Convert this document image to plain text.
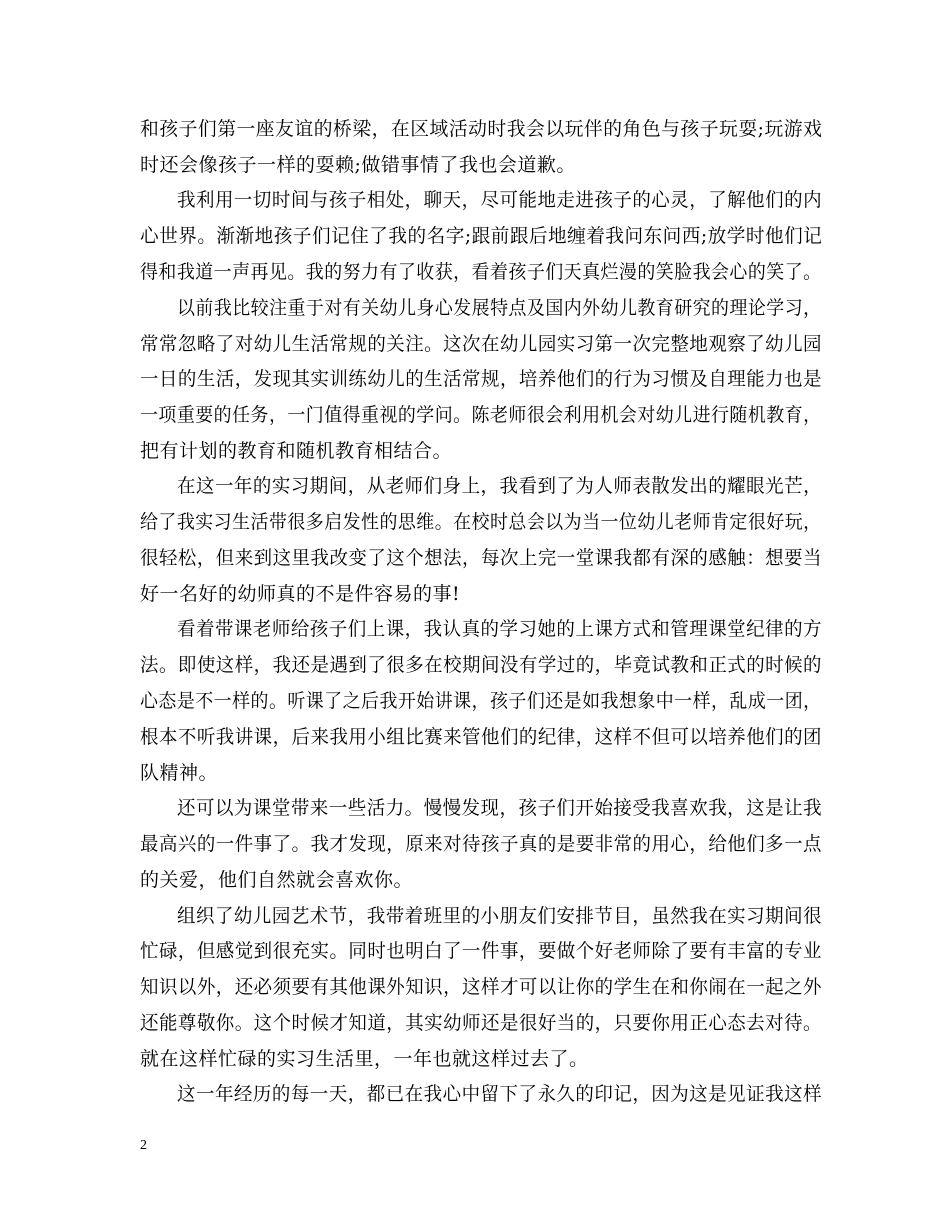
和孩子们第一座友谊的桥梁，在区域活动时我会以玩伴的角色与孩子玩耍;玩游戏
时还会像孩子一样的耍赖;做错事情了我也会道歉。
我利用一切时间与孩子相处，聊天，尽可能地走进孩子的心灵，了解他们的内
心世界。渐渐地孩子们记住了我的名字;跟前跟后地缠着我问东问西;放学时他们记
得和我道一声再见。我的努力有了收获，看着孩子们天真烂漫的笑脸我会心的笑了。
以前我比较注重于对有关幼儿身心发展特点及国内外幼儿教育研究的理论学习，
常常忽略了对幼儿生活常规的关注。这次在幼儿园实习第一次完整地观察了幼儿园
一日的生活，发现其实训练幼儿的生活常规，培养他们的行为习惯及自理能力也是
一项重要的任务，一门值得重视的学问。陈老师很会利用机会对幼儿进行随机教育，
把有计划的教育和随机教育相结合。
在这一年的实习期间，从老师们身上，我看到了为人师表散发出的耀眼光芒，
给了我实习生活带很多启发性的思维。在校时总会以为当一位幼儿老师肯定很好玩，
很轻松，但来到这里我改变了这个想法，每次上完一堂课我都有深的感触：想要当
好一名好的幼师真的不是件容易的事!
看着带课老师给孩子们上课，我认真的学习她的上课方式和管理课堂纪律的方
法。即使这样，我还是遇到了很多在校期间没有学过的，毕竟试教和正式的时候的
心态是不一样的。听课了之后我开始讲课，孩子们还是如我想象中一样，乱成一团，
根本不听我讲课，后来我用小组比赛来管他们的纪律，这样不但可以培养他们的团
队精神。
还可以为课堂带来一些活力。慢慢发现，孩子们开始接受我喜欢我，这是让我
最高兴的一件事了。我才发现，原来对待孩子真的是要非常的用心，给他们多一点
的关爱，他们自然就会喜欢你。
组织了幼儿园艺术节，我带着班里的小朋友们安排节目，虽然我在实习期间很
忙碌，但感觉到很充实。同时也明白了一件事，要做个好老师除了要有丰富的专业
知识以外，还必须要有其他课外知识，这样才可以让你的学生在和你闹在一起之外
还能尊敬你。这个时候才知道，其实幼师还是很好当的，只要你用正心态去对待。
就在这样忙碌的实习生活里，一年也就这样过去了。
这一年经历的每一天，都已在我心中留下了永久的印记，因为这是见证我这样
2
